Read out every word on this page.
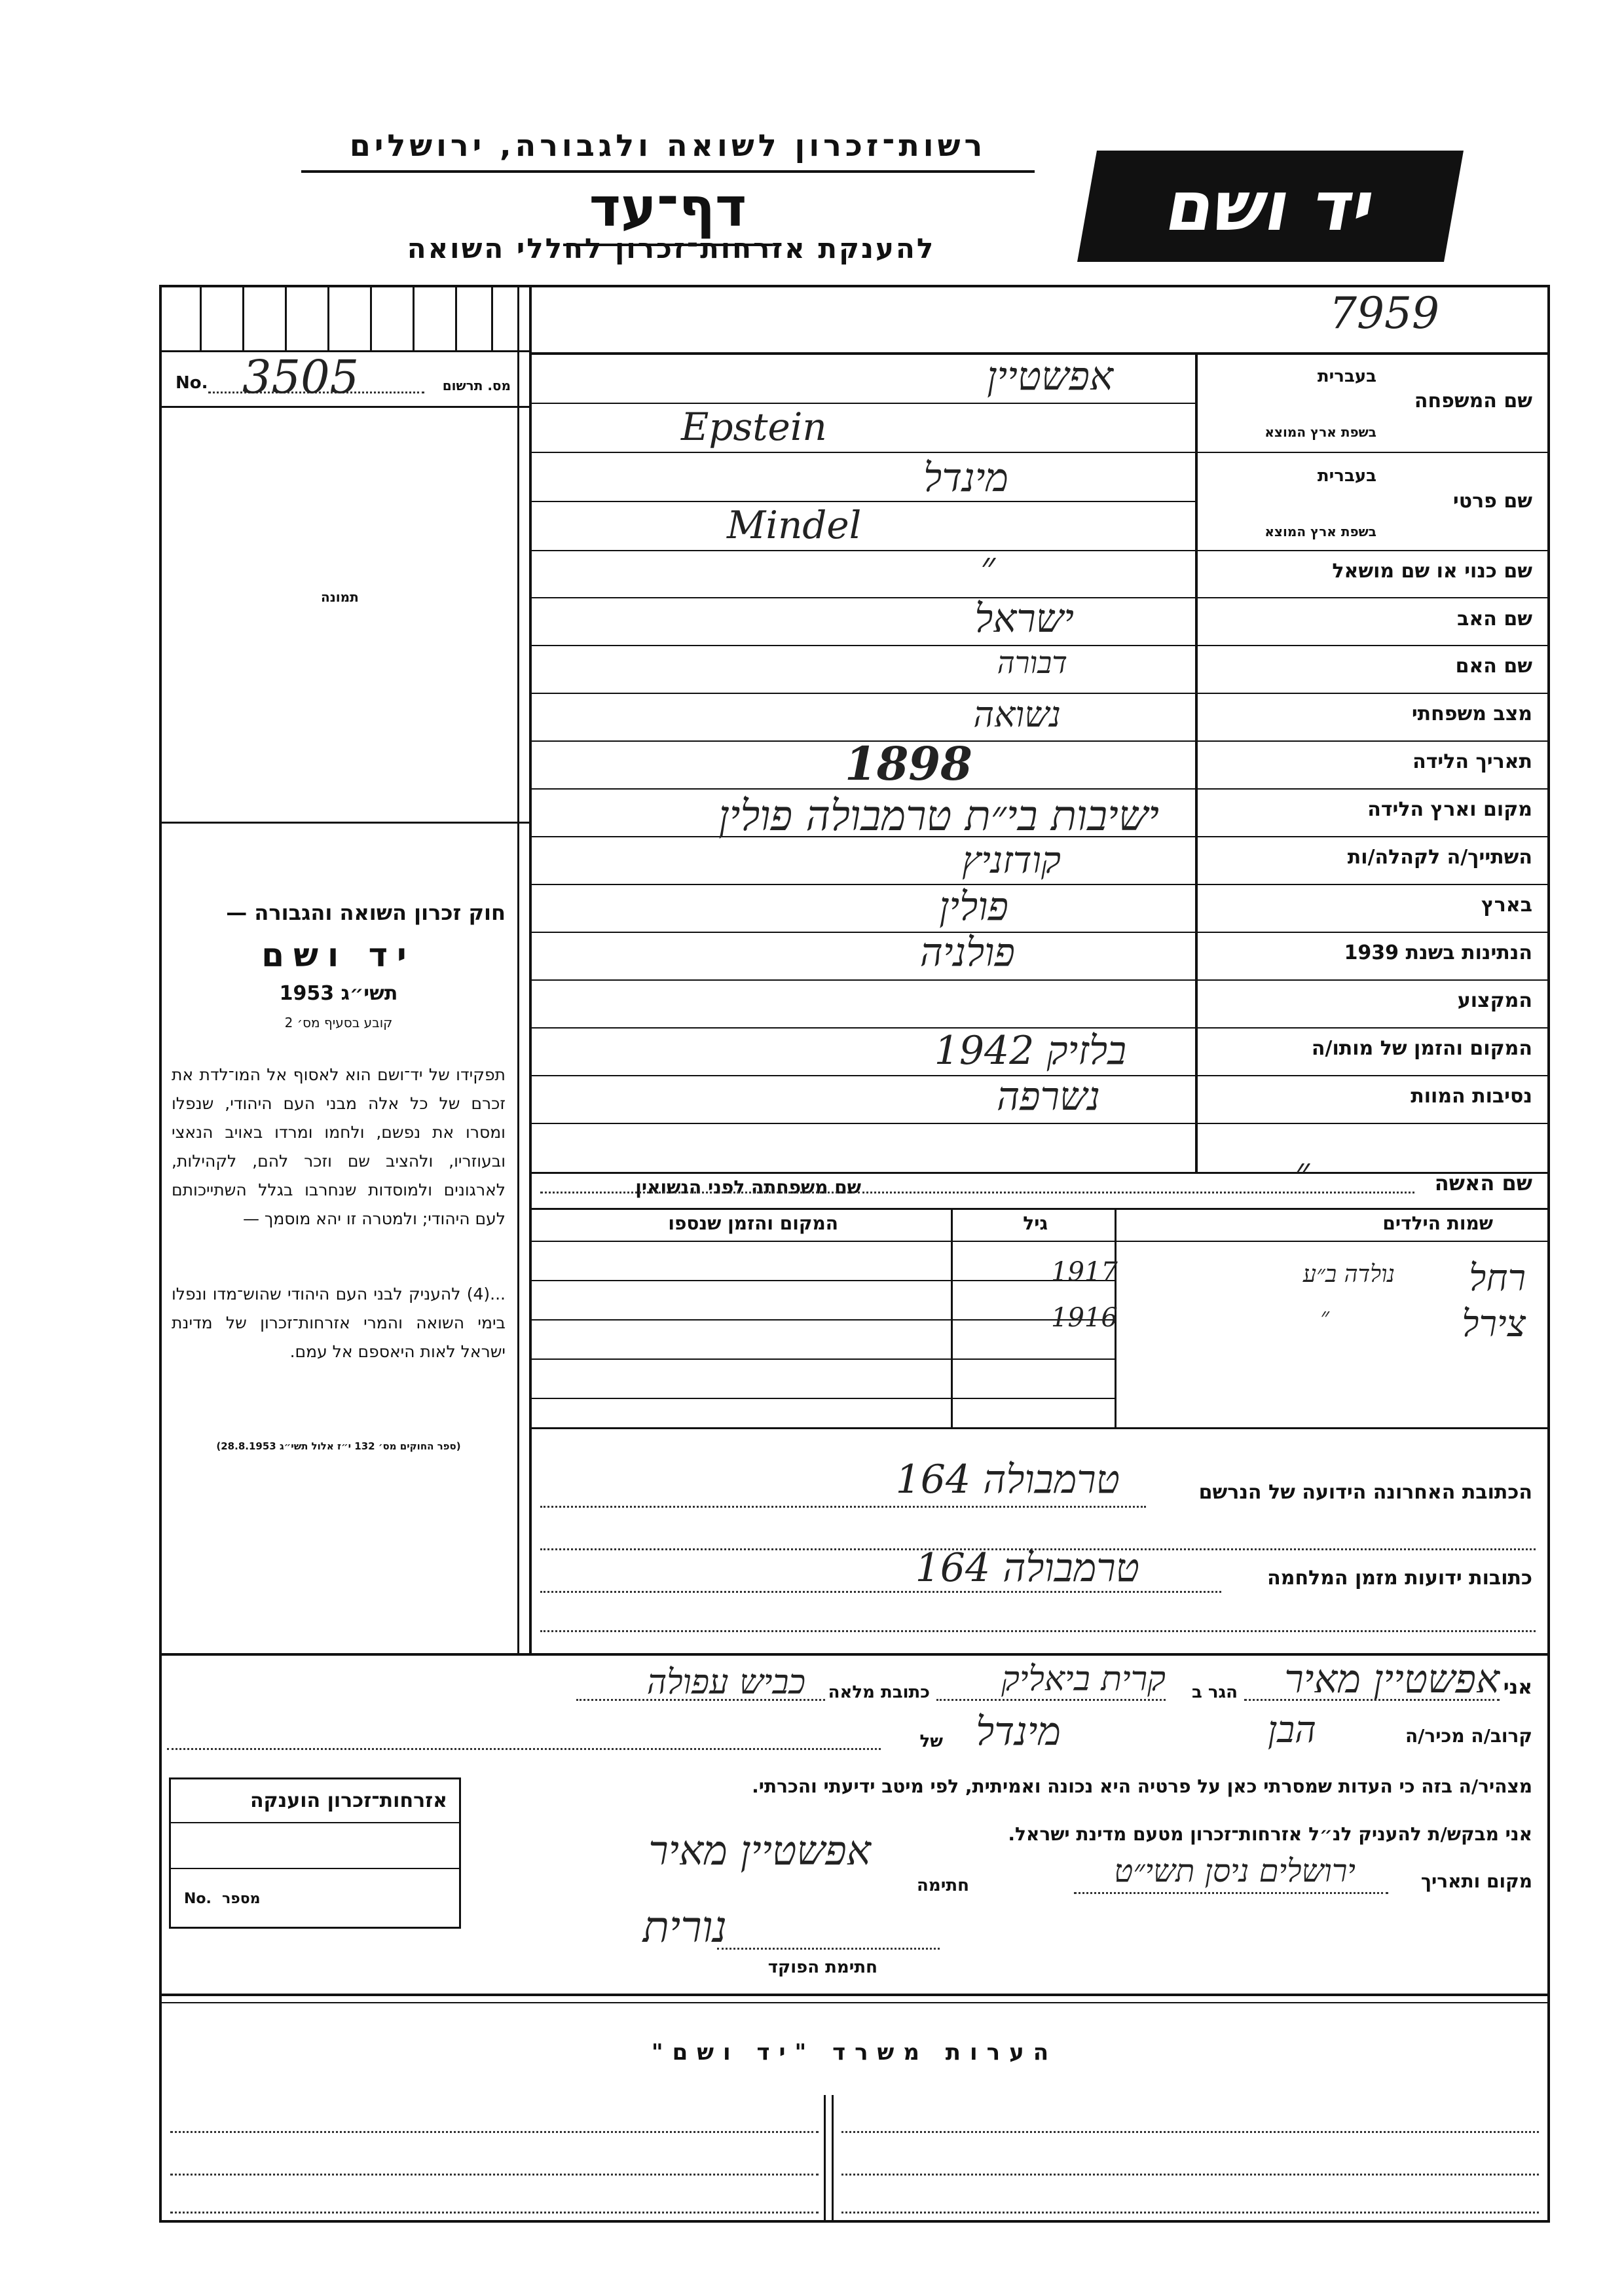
רשות־זכרון לשואה ולגבורה, ירושלים
דף־עד
להענקת אזרחות־זכרון לחללי השואה
יד ושם
7959
No. 3505	מס. תרשום
תמונה
חוק זכרון השואה והגבורה —
יד ושם
תשי״ג 1953
קובע בסעיף מס׳ 2
תפקידו של יד־ושם הוא לאסוף אל המו־לדת את זכרם של כל אלה מבני העם היהודי, שנפלו ומסרו את נפשם, ולחמו ומרדו באויב הנאצי ובעוזריו, ולהציב שם וזכר להם, לקהילות, לארגונים ולמוסדות שנחרבו בגלל השתייכותם לעם היהודי; ולמטרה זו יהא מוסמך —
...(4) להעניק לבני העם היהודי שהוש־מדו ונפלו בימי השואה והמרי אזרחות־זכרון של מדינת ישראל לאות היאספם אל עמם.
(ספר החוקים מס׳ 132 י״ז אלול תשי״ג 28.8.1953)
שם המשפחה
בעברית
בשפת ארץ המוצא
אפשטיין
Epstein
שם פרטי
בעברית
בשפת ארץ המוצא
מינדל
Mindel
שם כנוי או שם מושאל
״
שם האב
ישראל
שם האם
דבורה
מצב משפחתי
נשואה
תאריך הלידה
1898
מקום וארץ הלידה
ישיבות בי״ת טרמבולה פולין
השתייך/ה לקהלה/ות
קודזניץ
בארץ
פולין
הנתינות בשנת 1939
פולניה
המקצוע
המקום והזמן של מותו/ה
בלזיק 1942
נסיבות המוות
נשרפה
שם האשה
״
שם משפחתה לפני הנשואין
שמות הילדים
גיל
המקום והזמן שנספו
רחל
נולדה ב״ע
1917
צירל
״
1916
הכתובת האחרונה הידועה של הנרשם
טרמבולה 164
כתובות ידועות מזמן המלחמה
טרמבולה 164
אני
אפשטיין מאיר
הגר ב
קרית ביאליק
כתובת מלאה
כביש עפולה
קרוב/ה מכיר/ה
הבן
של מינדל
מצהיר/ה בזה כי העדות שמסרתי כאן על פרטיה היא נכונה ואמיתית, לפי מיטב ידיעתי והכרתי.
אני מבקש/ת להעניק לנ״ל אזרחות־זכרון מטעם מדינת ישראל.
מקום ותאריך
ירושלים ניסן תשי״ט
חתימה
אפשטיין מאיר
נורית
חתימת הפוקד
אזרחות־זכרון הוענקה
No. מספר
הערות משרד "יד ושם"
